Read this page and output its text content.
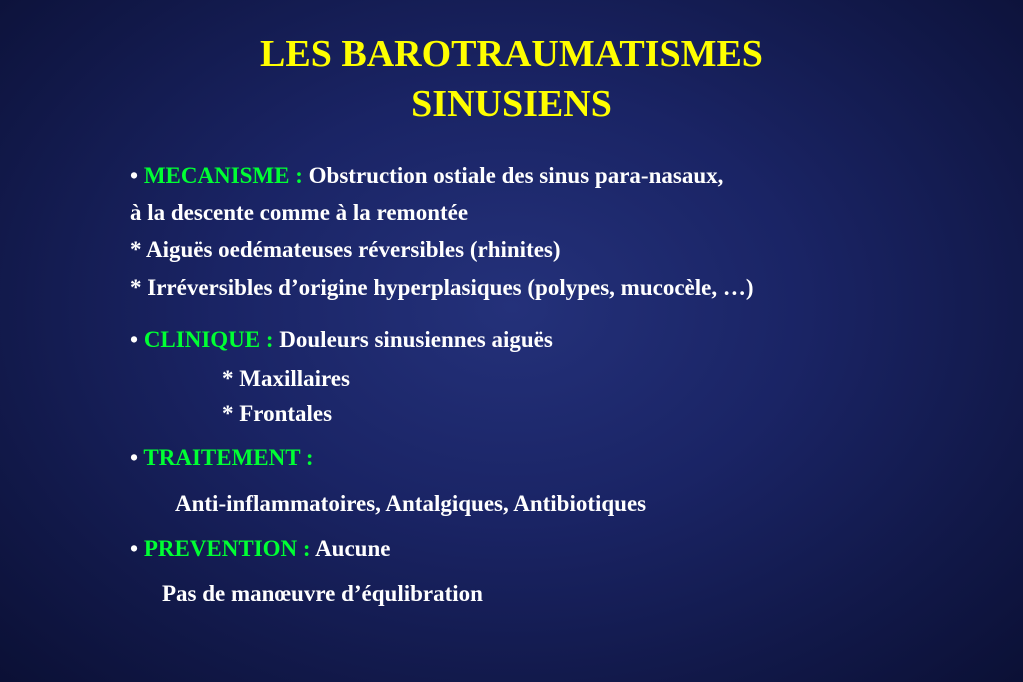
LES BAROTRAUMATISMES
SINUSIENS

• MECANISME : Obstruction ostiale des sinus para-nasaux,

à la descente comme à la remontée

* Aiguës oedémateuses réversibles (rhinites)

* Irréversibles d’origine hyperplasiques (polypes, mucocèle, …)

• CLINIQUE : Douleurs sinusiennes aiguës

* Maxillaires

* Frontales

• TRAITEMENT :

Anti-inflammatoires, Antalgiques, Antibiotiques

• PREVENTION : Aucune

Pas de manœuvre d’équlibration
